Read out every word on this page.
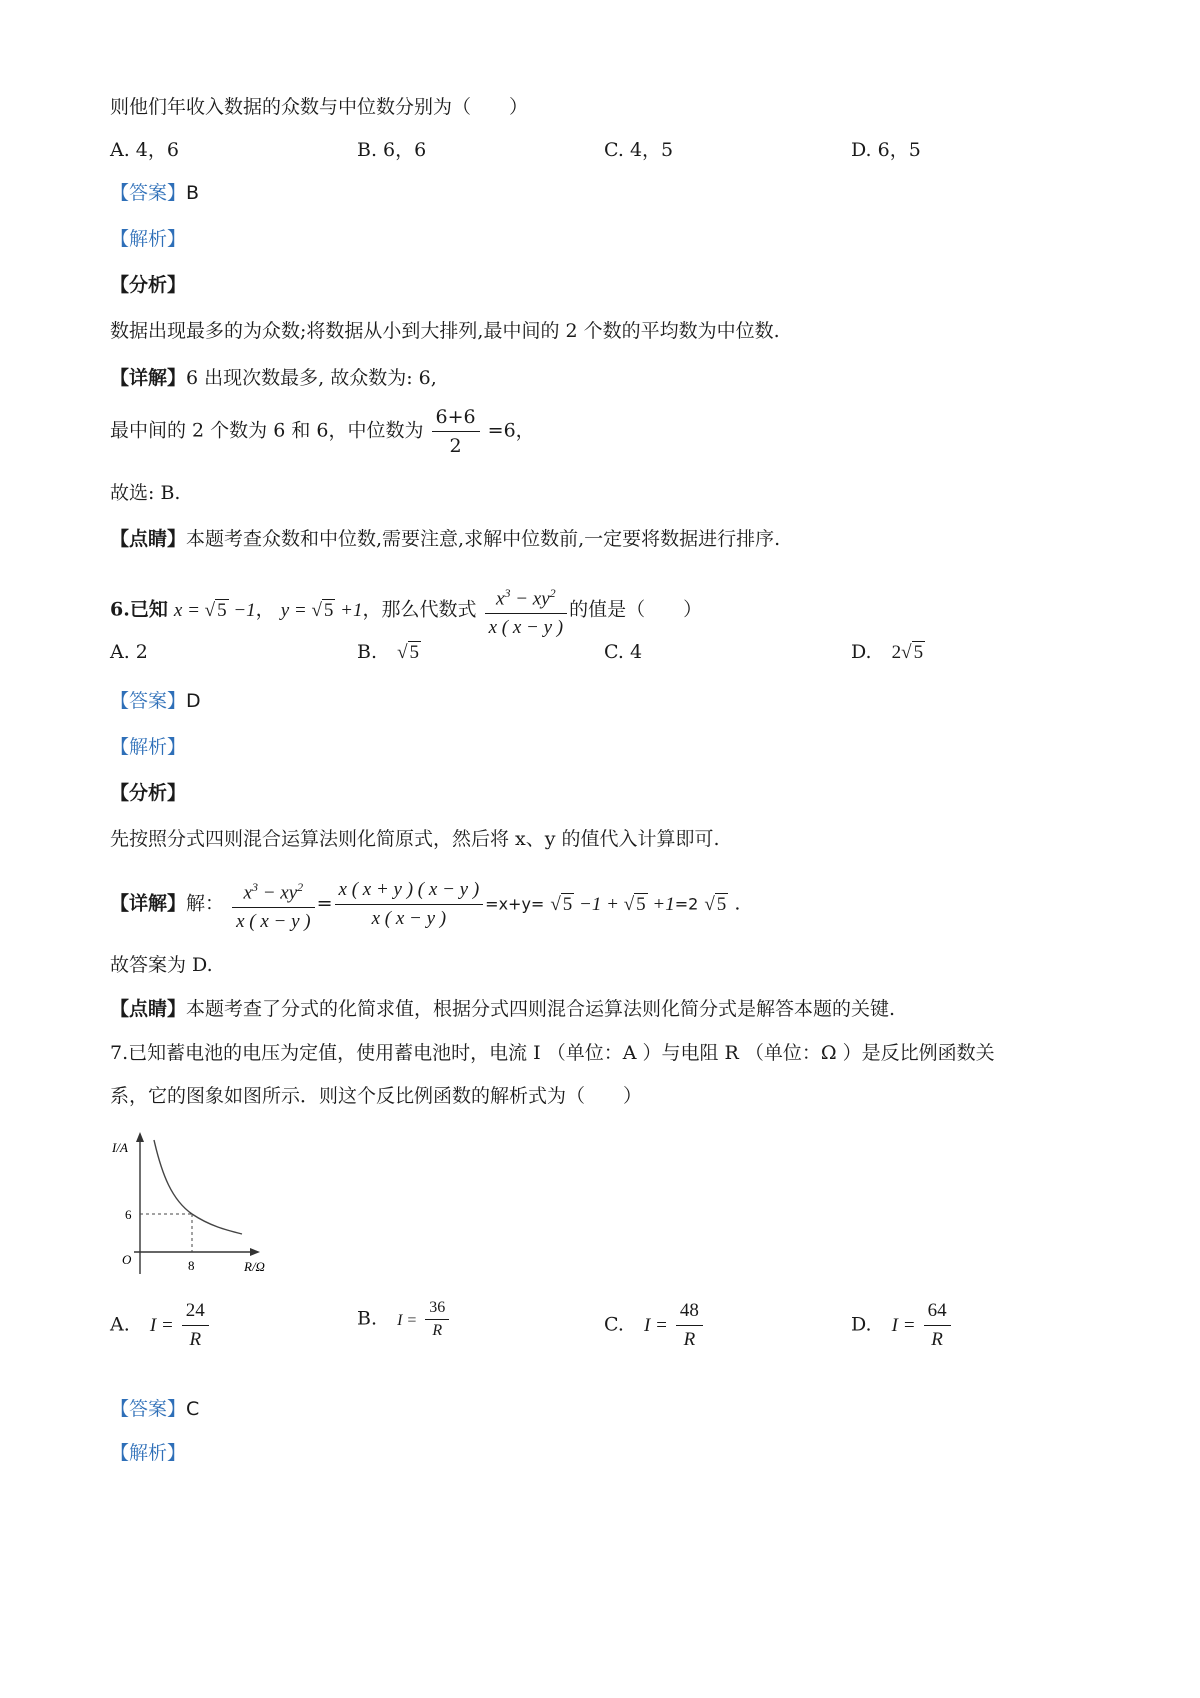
则他们年收入数据的众数与中位数分别为（　　）
A. 4，6	B. 6，6	C. 4，5	D. 6，5
【答案】B
【解析】
【分析】
数据出现最多的为众数;将数据从小到大排列,最中间的 2 个数的平均数为中位数.
【详解】6 出现次数最多, 故众数为: 6,
最中间的 2 个数为 6 和 6，中位数为 $\frac{6+6}{2} =6$，
故选: B.
【点睛】本题考查众数和中位数,需要注意,求解中位数前,一定要将数据进行排序.
6.已知 x = √ 5 −1， y = √ 5 +1，那么代数式 $\frac{x^3 - xy^2}{x ( x - y )}$ 的值是（　　）
A. 2	B. √ 5	C. 4	D. 2√ 5
【答案】D
【解析】
【分析】
先按照分式四则混合运算法则化简原式，然后将 x、y 的值代入计算即可.
【详解】解： $\frac{x^3 - xy^2}{x ( x - y )} = \frac{x ( x + y ) ( x - y )}{x ( x - y )} =x+y=$ √ 5 −1 + √ 5 +1=2 √ 5 .
故答案为 D.
【点睛】本题考查了分式的化简求值，根据分式四则混合运算法则化简分式是解答本题的关键.
7.已知蓄电池的电压为定值，使用蓄电池时，电流 I （单位：A ）与电阻 R （单位：Ω ）是反比例函数关
系，它的图象如图所示．则这个反比例函数的解析式为（　　）
I/A
R/Ω
O	8
6
A. $I = \frac{24}{R}$	B. $I = \frac{36}{R}$	C. $I = \frac{48}{R}$	D. $I = \frac{64}{R}$
【答案】C
【解析】
